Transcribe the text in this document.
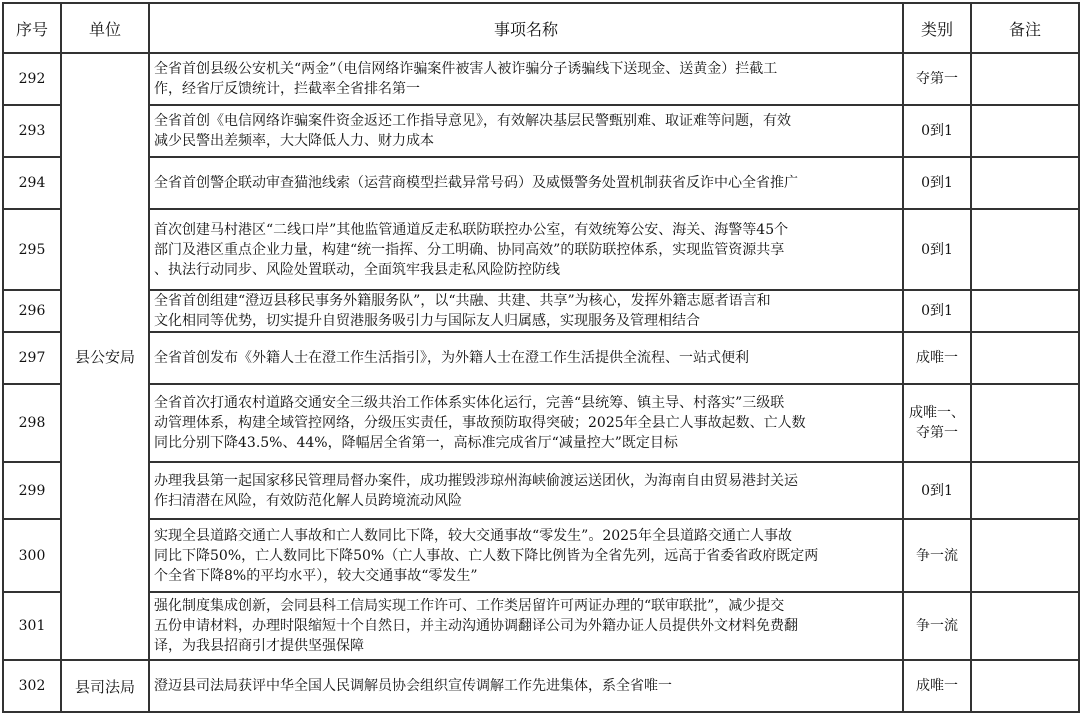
序号	单位	事项名称	类别	备注
292	县公安局	全省首创县级公安机关“两金”（电信网络诈骗案件被害人被诈骗分子诱骗线下送现金、送黄金）拦截工
作，经省厅反馈统计，拦截率全省排名第一	夺第一	

293		全省首创《电信网络诈骗案件资金返还工作指导意见》，有效解决基层民警甄别难、取证难等问题，有效
减少民警出差频率，大大降低人力、财力成本	0到1	

294		全省首创警企联动审查猫池线索（运营商模型拦截异常号码）及威慑警务处置机制获省反诈中心全省推广	0到1	

295		首次创建马村港区“二线口岸”其他监管通道反走私联防联控办公室，有效统筹公安、海关、海警等45个
部门及港区重点企业力量，构建“统一指挥、分工明确、协同高效”的联防联控体系，实现监管资源共享
、执法行动同步、风险处置联动，全面筑牢我县走私风险防控防线	0到1	

296		全省首创组建“澄迈县移民事务外籍服务队”，以“共融、共建、共享”为核心，发挥外籍志愿者语言和
文化相同等优势，切实提升自贸港服务吸引力与国际友人归属感，实现服务及管理相结合	0到1	

297		全省首创发布《外籍人士在澄工作生活指引》，为外籍人士在澄工作生活提供全流程、一站式便利	成唯一	

298		全省首次打通农村道路交通安全三级共治工作体系实体化运行，完善“县统筹、镇主导、村落实”三级联
动管理体系，构建全域管控网络，分级压实责任，事故预防取得突破；2025年全县亡人事故起数、亡人数
同比分别下降43.5%、44%，降幅居全省第一，高标准完成省厅“减量控大”既定目标	成唯一、
夺第一	

299		办理我县第一起国家移民管理局督办案件，成功摧毁涉琼州海峡偷渡运送团伙，为海南自由贸易港封关运
作扫清潜在风险，有效防范化解人员跨境流动风险	0到1	

300		实现全县道路交通亡人事故和亡人数同比下降，较大交通事故“零发生”。2025年全县道路交通亡人事故
同比下降50%，亡人数同比下降50%（亡人事故、亡人数下降比例皆为全省先列，远高于省委省政府既定两
个全省下降8%的平均水平），较大交通事故“零发生”	争一流	

301		强化制度集成创新，会同县科工信局实现工作许可、工作类居留许可两证办理的“联审联批”，减少提交
五份申请材料，办理时限缩短十个自然日，并主动沟通协调翻译公司为外籍办证人员提供外文材料免费翻
译，为我县招商引才提供坚强保障	争一流	

302	县司法局	澄迈县司法局获评中华全国人民调解员协会组织宣传调解工作先进集体，系全省唯一	成唯一	
